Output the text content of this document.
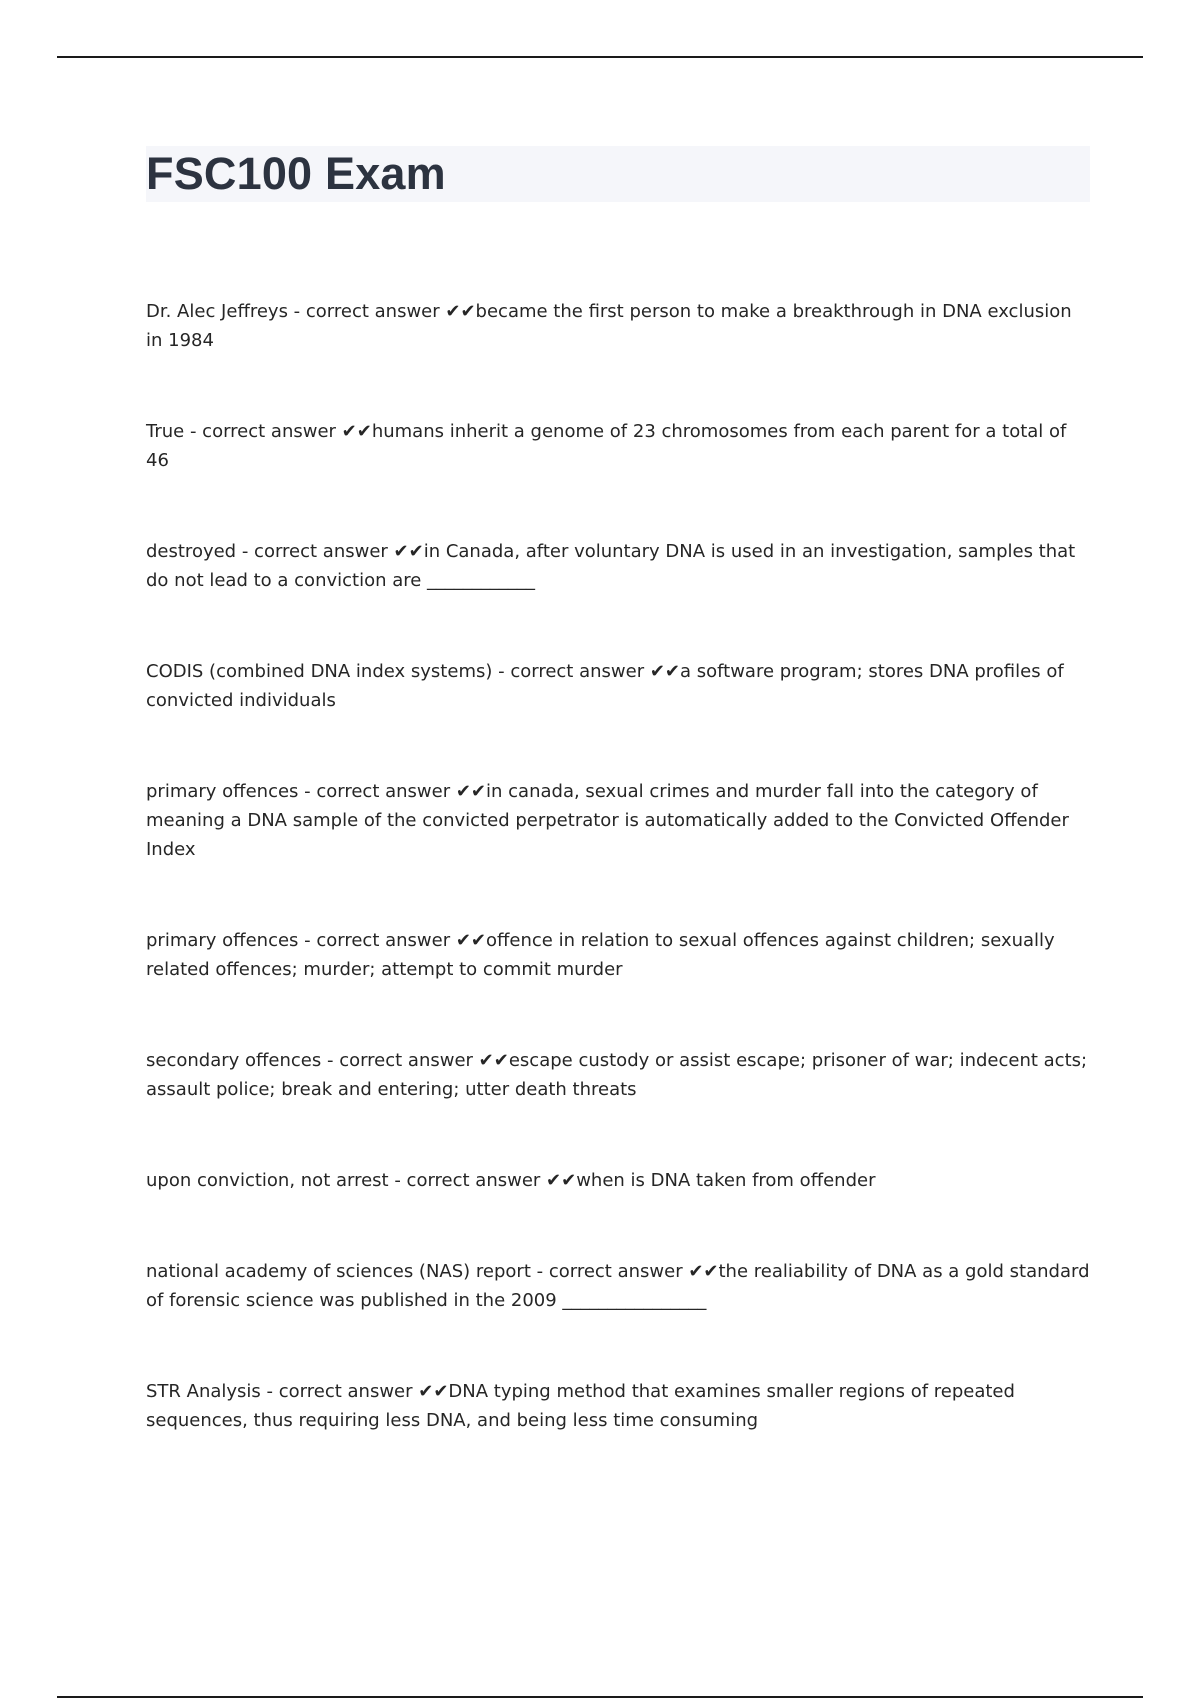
FSC100 Exam

Dr. Alec Jeffreys - correct answer ✔✔became the first person to make a breakthrough in DNA exclusion in 1984

True - correct answer ✔✔humans inherit a genome of 23 chromosomes from each parent for a total of 46

destroyed - correct answer ✔✔in Canada, after voluntary DNA is used in an investigation, samples that do not lead to a conviction are ____________

CODIS (combined DNA index systems) - correct answer ✔✔a software program; stores DNA profiles of convicted individuals

primary offences - correct answer ✔✔in canada, sexual crimes and murder fall into the category of meaning a DNA sample of the convicted perpetrator is automatically added to the Convicted Offender Index

primary offences - correct answer ✔✔offence in relation to sexual offences against children; sexually related offences; murder; attempt to commit murder

secondary offences - correct answer ✔✔escape custody or assist escape; prisoner of war; indecent acts; assault police; break and entering; utter death threats

upon conviction, not arrest - correct answer ✔✔when is DNA taken from offender

national academy of sciences (NAS) report - correct answer ✔✔the realiability of DNA as a gold standard of forensic science was published in the 2009 ________________

STR Analysis - correct answer ✔✔DNA typing method that examines smaller regions of repeated sequences, thus requiring less DNA, and being less time consuming
